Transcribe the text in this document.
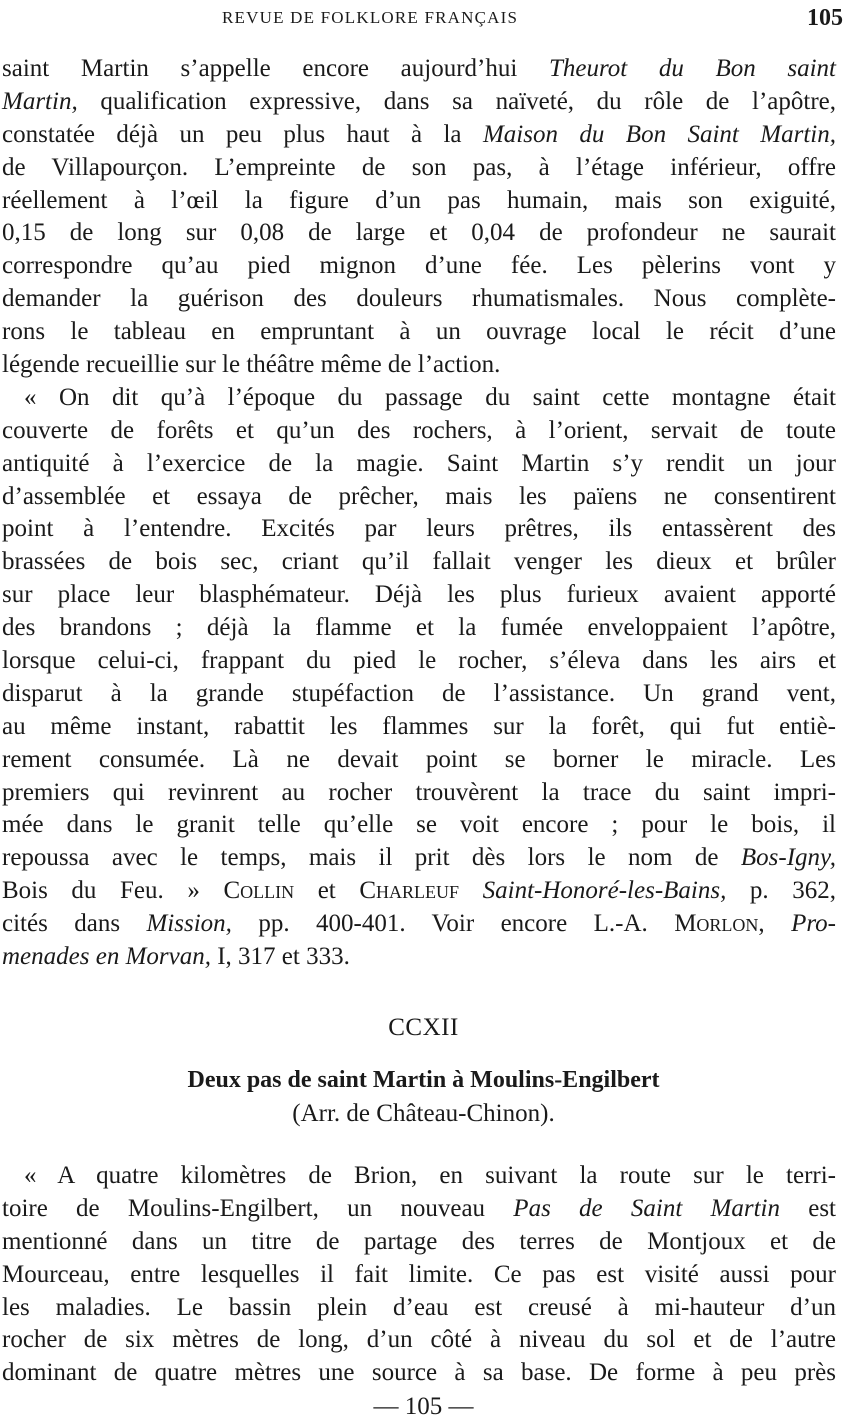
REVUE DE FOLKLORE FRANÇAIS	105
saint Martin s’appelle encore aujourd’hui Theurot du Bon saint
Martin, qualification expressive, dans sa naïveté, du rôle de l’apôtre,
constatée déjà un peu plus haut à la Maison du Bon Saint Martin,
de Villapourçon. L’empreinte de son pas, à l’étage inférieur, offre
réellement à l’œil la figure d’un pas humain, mais son exiguité,
0,15 de long sur 0,08 de large et 0,04 de profondeur ne saurait
correspondre qu’au pied mignon d’une fée. Les pèlerins vont y
demander la guérison des douleurs rhumatismales. Nous complète-
rons le tableau en empruntant à un ouvrage local le récit d’une
légende recueillie sur le théâtre même de l’action.
« On dit qu’à l’époque du passage du saint cette montagne était
couverte de forêts et qu’un des rochers, à l’orient, servait de toute
antiquité à l’exercice de la magie. Saint Martin s’y rendit un jour
d’assemblée et essaya de prêcher, mais les païens ne consentirent
point à l’entendre. Excités par leurs prêtres, ils entassèrent des
brassées de bois sec, criant qu’il fallait venger les dieux et brûler
sur place leur blasphémateur. Déjà les plus furieux avaient apporté
des brandons ; déjà la flamme et la fumée enveloppaient l’apôtre,
lorsque celui-ci, frappant du pied le rocher, s’éleva dans les airs et
disparut à la grande stupéfaction de l’assistance. Un grand vent,
au même instant, rabattit les flammes sur la forêt, qui fut entiè-
rement consumée. Là ne devait point se borner le miracle. Les
premiers qui revinrent au rocher trouvèrent la trace du saint impri-
mée dans le granit telle qu’elle se voit encore ; pour le bois, il
repoussa avec le temps, mais il prit dès lors le nom de Bos-Igny,
Bois du Feu. » Collin et Charleuf Saint-Honoré-les-Bains, p. 362,
cités dans Mission, pp. 400-401. Voir encore L.-A. Morlon, Pro-
menades en Morvan, I, 317 et 333.
CCXII
Deux pas de saint Martin à Moulins-Engilbert
(Arr. de Château-Chinon).
« A quatre kilomètres de Brion, en suivant la route sur le terri-
toire de Moulins-Engilbert, un nouveau Pas de Saint Martin est
mentionné dans un titre de partage des terres de Montjoux et de
Mourceau, entre lesquelles il fait limite. Ce pas est visité aussi pour
les maladies. Le bassin plein d’eau est creusé à mi-hauteur d’un
rocher de six mètres de long, d’un côté à niveau du sol et de l’autre
dominant de quatre mètres une source à sa base. De forme à peu près
— 105 —
